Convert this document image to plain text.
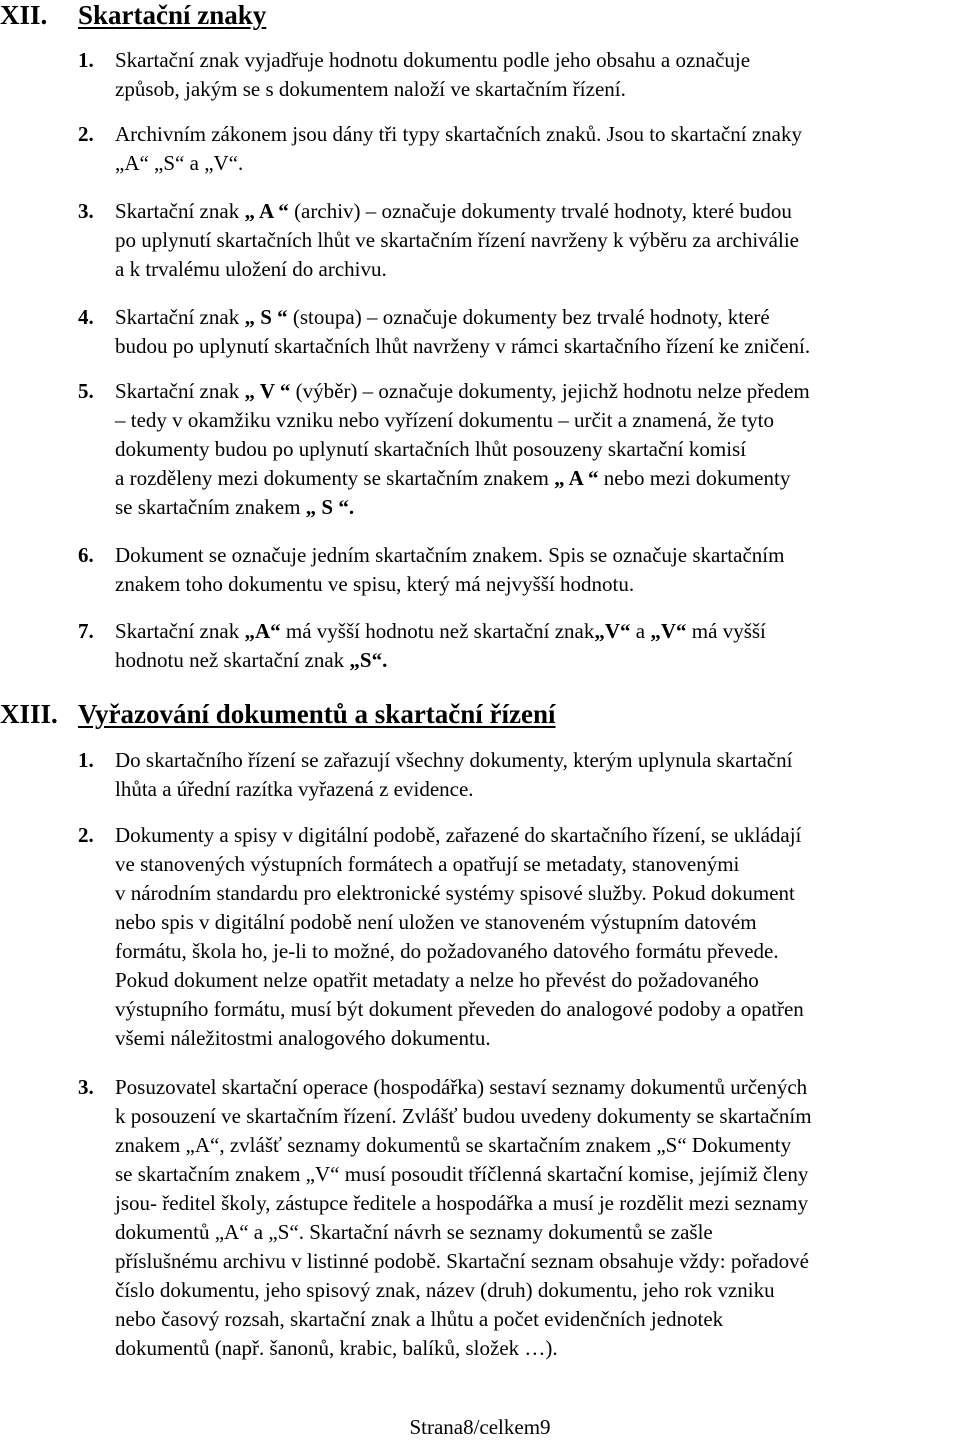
XII. Skartační znaky
1. Skartační znak vyjadřuje hodnotu dokumentu podle jeho obsahu a označuje
způsob, jakým se s dokumentem naloží ve skartačním řízení.
2. Archivním zákonem jsou dány tři typy skartačních znaků. Jsou to skartační znaky
„A“ „S“ a „V“.
3. Skartační znak „ A “ (archiv) – označuje dokumenty trvalé hodnoty, které budou
po uplynutí skartačních lhůt ve skartačním řízení navrženy k výběru za archiválie
a k trvalému uložení do archivu.
4. Skartační znak „ S “ (stoupa) – označuje dokumenty bez trvalé hodnoty, které
budou po uplynutí skartačních lhůt navrženy v rámci skartačního řízení ke zničení.
5. Skartační znak „ V “ (výběr) – označuje dokumenty, jejichž hodnotu nelze předem
– tedy v okamžiku vzniku nebo vyřízení dokumentu – určit a znamená, že tyto
dokumenty budou po uplynutí skartačních lhůt posouzeny skartační komisí
a rozděleny mezi dokumenty se skartačním znakem „ A “ nebo mezi dokumenty
se skartačním znakem „ S “.
6. Dokument se označuje jedním skartačním znakem. Spis se označuje skartačním
znakem toho dokumentu ve spisu, který má nejvyšší hodnotu.
7. Skartační znak „A“ má vyšší hodnotu než skartační znak„V“ a „V“ má vyšší
hodnotu než skartační znak „S“.
XIII. Vyřazování dokumentů a skartační řízení
1. Do skartačního řízení se zařazují všechny dokumenty, kterým uplynula skartační
lhůta a úřední razítka vyřazená z evidence.
2. Dokumenty a spisy v digitální podobě, zařazené do skartačního řízení, se ukládají
ve stanovených výstupních formátech a opatřují se metadaty, stanovenými
v národním standardu pro elektronické systémy spisové služby. Pokud dokument
nebo spis v digitální podobě není uložen ve stanoveném výstupním datovém
formátu, škola ho, je-li to možné, do požadovaného datového formátu převede.
Pokud dokument nelze opatřit metadaty a nelze ho převést do požadovaného
výstupního formátu, musí být dokument převeden do analogové podoby a opatřen
všemi náležitostmi analogového dokumentu.
3. Posuzovatel skartační operace (hospodářka) sestaví seznamy dokumentů určených
k posouzení ve skartačním řízení. Zvlášť budou uvedeny dokumenty se skartačním
znakem „A“, zvlášť seznamy dokumentů se skartačním znakem „S“ Dokumenty
se skartačním znakem „V“ musí posoudit tříčlenná skartační komise, jejímiž členy
jsou- ředitel školy, zástupce ředitele a hospodářka a musí je rozdělit mezi seznamy
dokumentů „A“ a „S“. Skartační návrh se seznamy dokumentů se zašle
příslušnému archivu v listinné podobě. Skartační seznam obsahuje vždy: pořadové
číslo dokumentu, jeho spisový znak, název (druh) dokumentu, jeho rok vzniku
nebo časový rozsah, skartační znak a lhůtu a počet evidenčních jednotek
dokumentů (např. šanonů, krabic, balíků, složek …).
Strana8/celkem9
